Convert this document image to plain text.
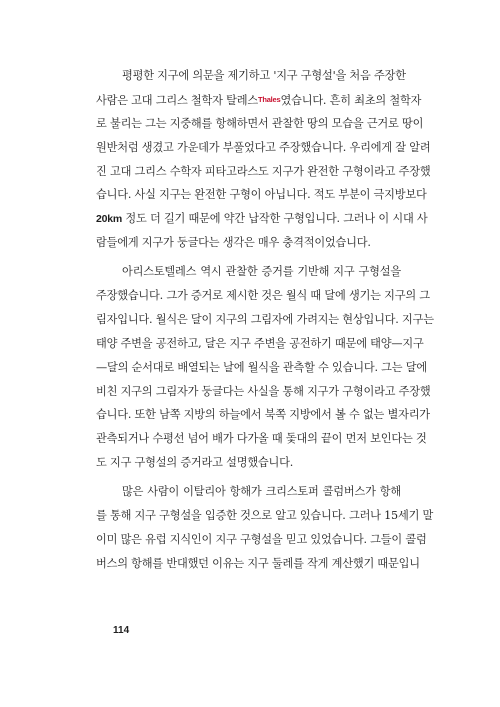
평평한 지구에 의문을 제기하고 '지구 구형설'을 처음 주장한
사람은 고대 그리스 철학자 탈레스Thales였습니다. 흔히 최초의 철학자
로 불리는 그는 지중해를 항해하면서 관찰한 땅의 모습을 근거로 땅이
원반처럼 생겼고 가운데가 부풀었다고 주장했습니다. 우리에게 잘 알려
진 고대 그리스 수학자 피타고라스도 지구가 완전한 구형이라고 주장했
습니다. 사실 지구는 완전한 구형이 아닙니다. 적도 부분이 극지방보다
20km 정도 더 길기 때문에 약간 납작한 구형입니다. 그러나 이 시대 사
람들에게 지구가 둥글다는 생각은 매우 충격적이었습니다.
아리스토텔레스 역시 관찰한 증거를 기반해 지구 구형설을
주장했습니다. 그가 증거로 제시한 것은 월식 때 달에 생기는 지구의 그
림자입니다. 월식은 달이 지구의 그림자에 가려지는 현상입니다. 지구는
태양 주변을 공전하고, 달은 지구 주변을 공전하기 때문에 태양—지구
—달의 순서대로 배열되는 날에 월식을 관측할 수 있습니다. 그는 달에
비친 지구의 그림자가 둥글다는 사실을 통해 지구가 구형이라고 주장했
습니다. 또한 남쪽 지방의 하늘에서 북쪽 지방에서 볼 수 없는 별자리가
관측되거나 수평선 넘어 배가 다가올 때 돛대의 끝이 먼저 보인다는 것
도 지구 구형설의 증거라고 설명했습니다.
많은 사람이 이탈리아 항해가 크리스토퍼 콜럼버스가 항해
를 통해 지구 구형설을 입증한 것으로 알고 있습니다. 그러나 15세기 말
이미 많은 유럽 지식인이 지구 구형설을 믿고 있었습니다. 그들이 콜럼
버스의 항해를 반대했던 이유는 지구 둘레를 작게 계산했기 때문입니
114
